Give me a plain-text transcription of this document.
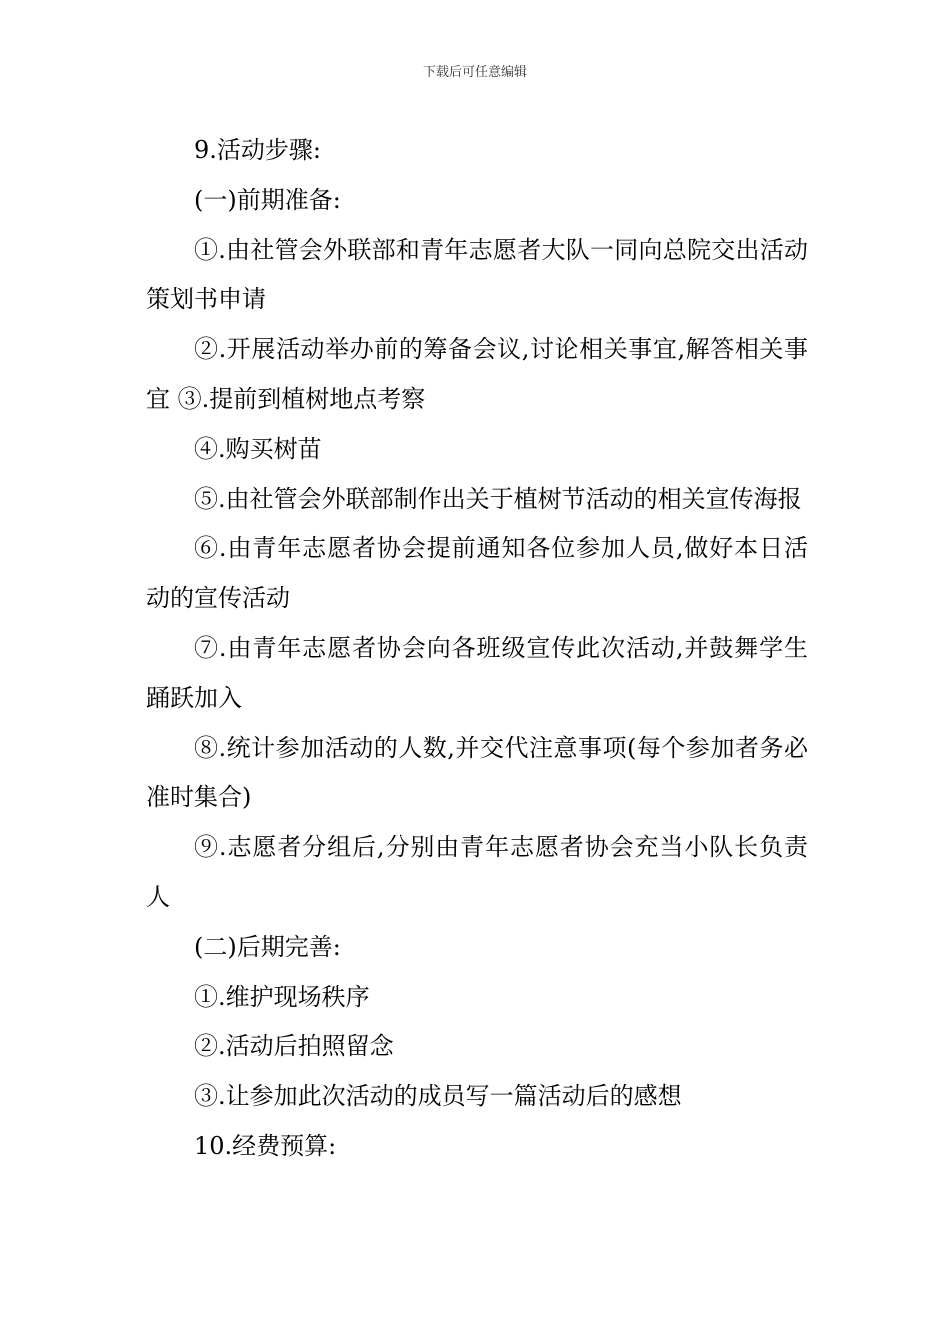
下载后可任意编辑

9.活动步骤:

(一)前期准备:

①.由社管会外联部和青年志愿者大队一同向总院交出活动策划书申请

②.开展活动举办前的筹备会议,讨论相关事宜,解答相关事宜 ③.提前到植树地点考察

④.购买树苗

⑤.由社管会外联部制作出关于植树节活动的相关宣传海报

⑥.由青年志愿者协会提前通知各位参加人员,做好本日活动的宣传活动

⑦.由青年志愿者协会向各班级宣传此次活动,并鼓舞学生踊跃加入

⑧.统计参加活动的人数,并交代注意事项(每个参加者务必准时集合)

⑨.志愿者分组后,分别由青年志愿者协会充当小队长负责人

(二)后期完善:

①.维护现场秩序

②.活动后拍照留念

③.让参加此次活动的成员写一篇活动后的感想

10.经费预算:
